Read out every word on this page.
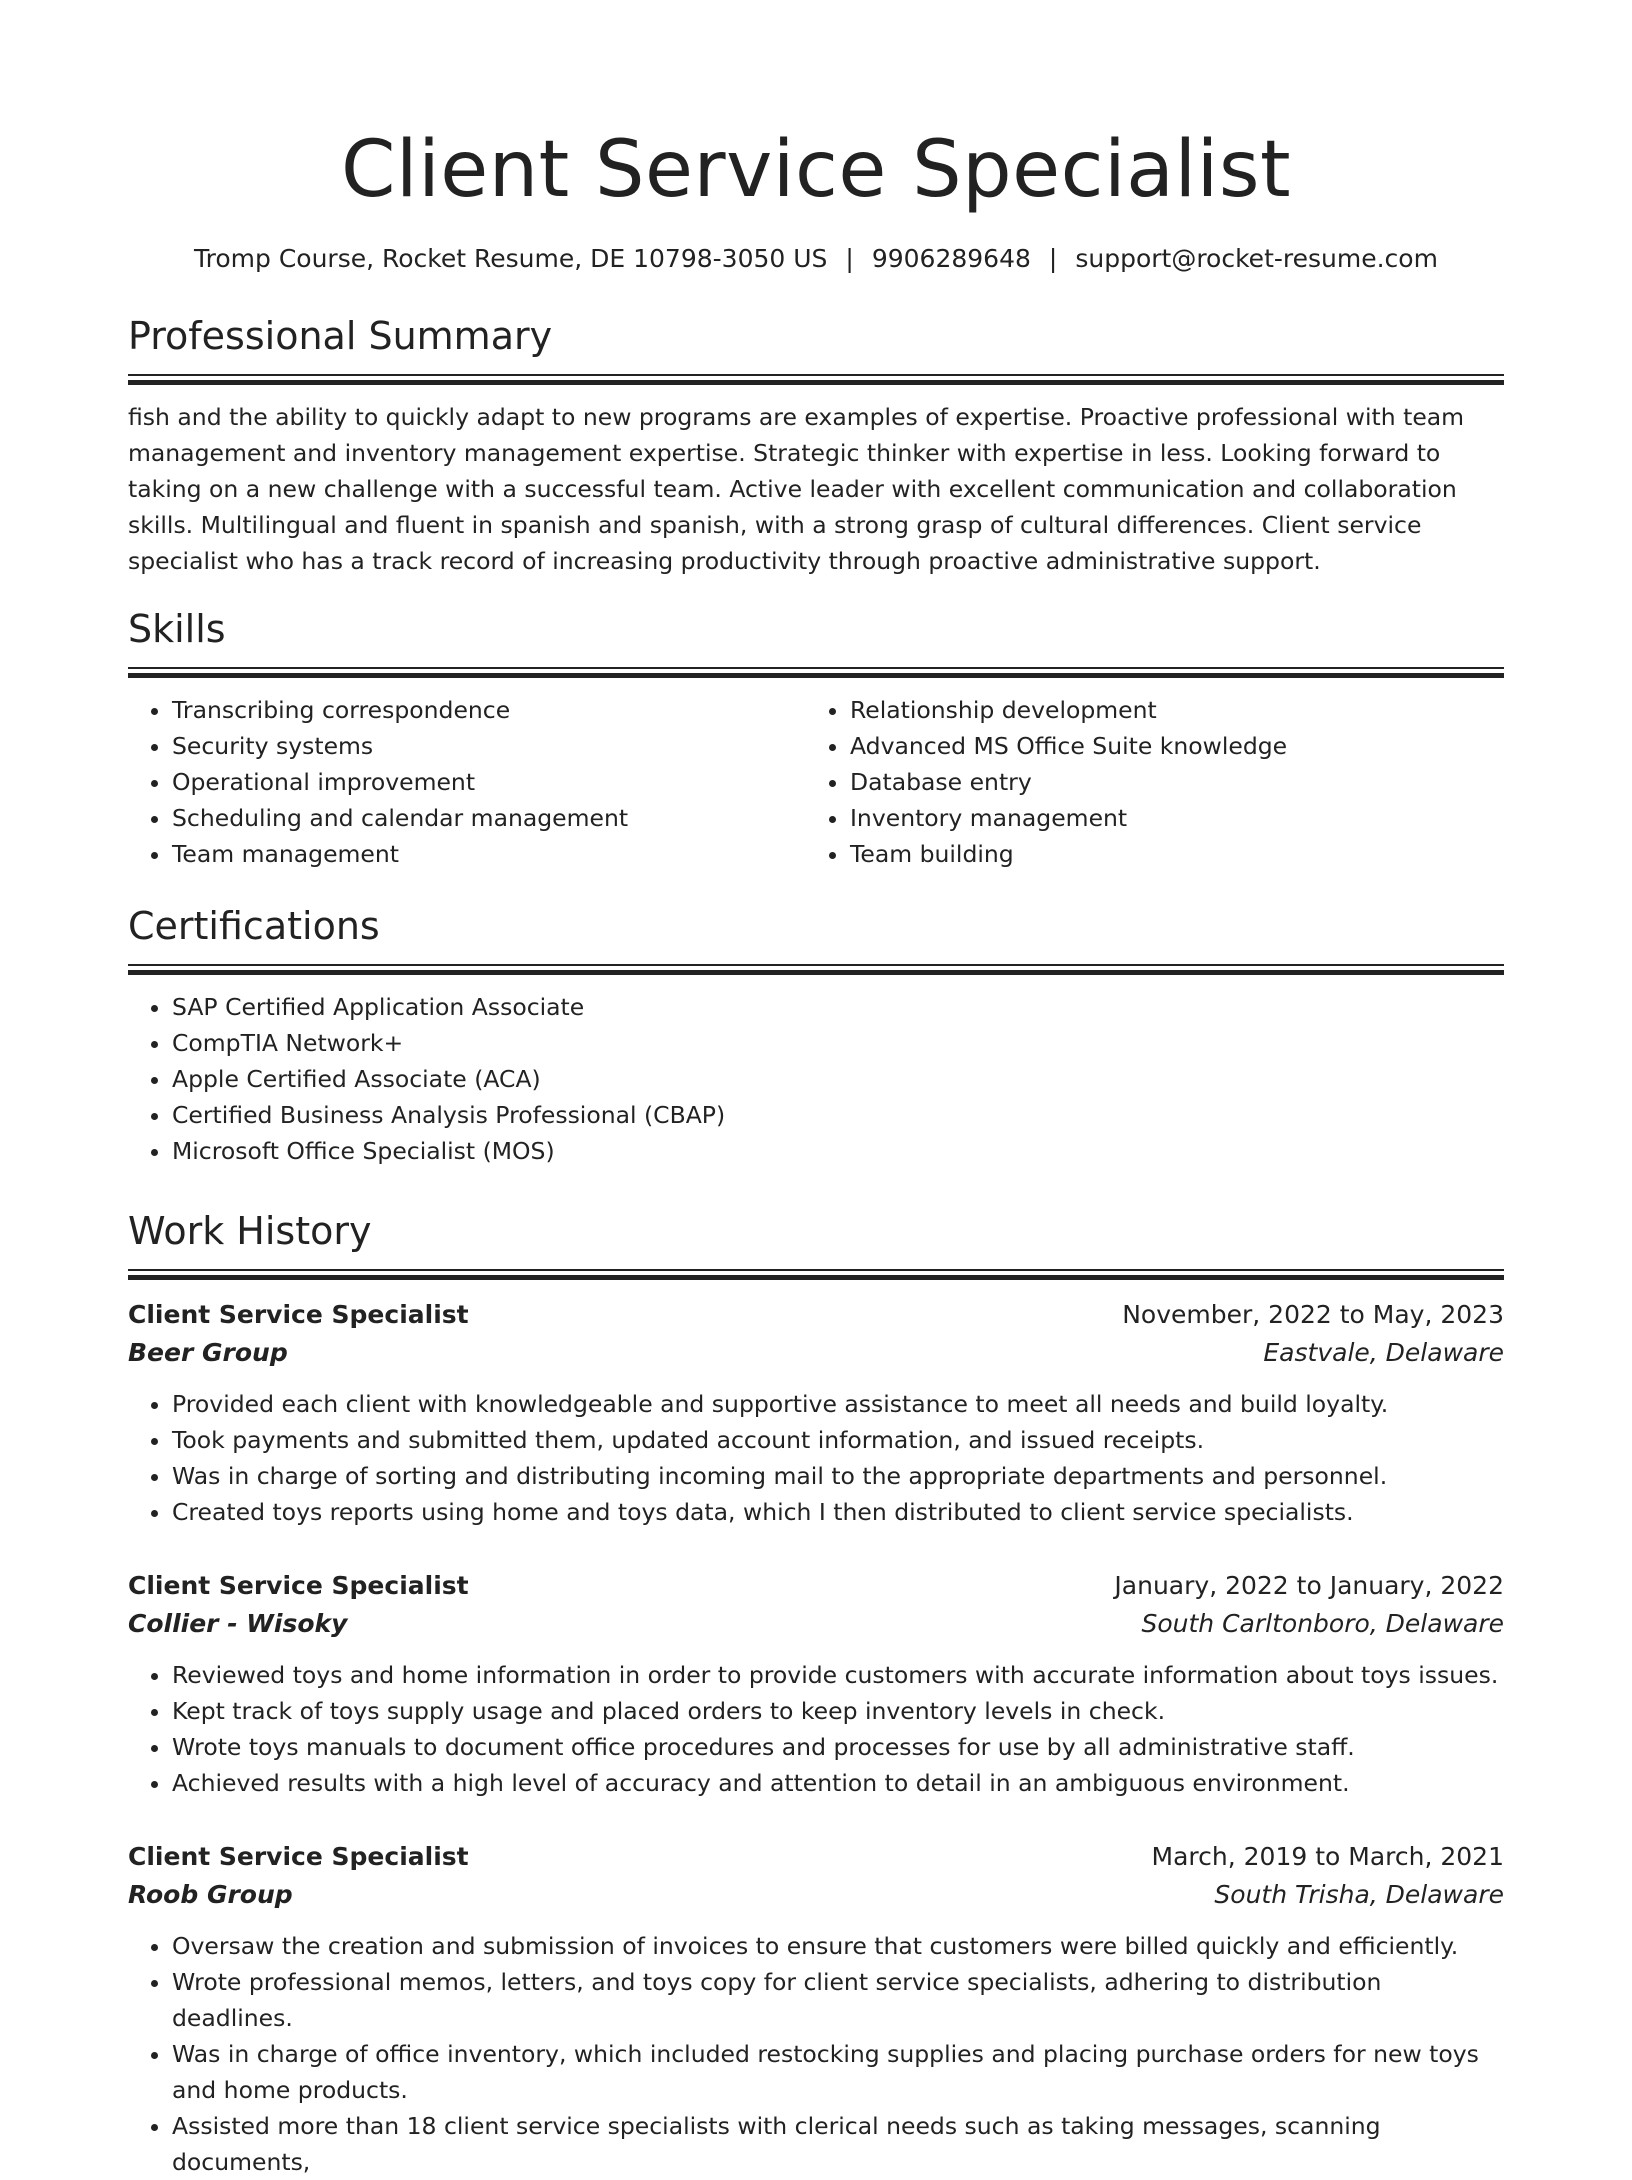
Client Service Specialist
Tromp Course, Rocket Resume, DE 10798-3050 US | 9906289648 | support@rocket-resume.com
Professional Summary
fish and the ability to quickly adapt to new programs are examples of expertise. Proactive professional with team management and inventory management expertise. Strategic thinker with expertise in less. Looking forward to taking on a new challenge with a successful team. Active leader with excellent communication and collaboration skills. Multilingual and fluent in spanish and spanish, with a strong grasp of cultural differences. Client service specialist who has a track record of increasing productivity through proactive administrative support.
Skills
• Transcribing correspondence
• Security systems
• Operational improvement
• Scheduling and calendar management
• Team management
• Relationship development
• Advanced MS Office Suite knowledge
• Database entry
• Inventory management
• Team building
Certifications
• SAP Certified Application Associate
• CompTIA Network+
• Apple Certified Associate (ACA)
• Certified Business Analysis Professional (CBAP)
• Microsoft Office Specialist (MOS)
Work History
Client Service Specialist	November, 2022 to May, 2023
Beer Group	Eastvale, Delaware
• Provided each client with knowledgeable and supportive assistance to meet all needs and build loyalty.
• Took payments and submitted them, updated account information, and issued receipts.
• Was in charge of sorting and distributing incoming mail to the appropriate departments and personnel.
• Created toys reports using home and toys data, which I then distributed to client service specialists.
Client Service Specialist	January, 2022 to January, 2022
Collier - Wisoky	South Carltonboro, Delaware
• Reviewed toys and home information in order to provide customers with accurate information about toys issues.
• Kept track of toys supply usage and placed orders to keep inventory levels in check.
• Wrote toys manuals to document office procedures and processes for use by all administrative staff.
• Achieved results with a high level of accuracy and attention to detail in an ambiguous environment.
Client Service Specialist	March, 2019 to March, 2021
Roob Group	South Trisha, Delaware
• Oversaw the creation and submission of invoices to ensure that customers were billed quickly and efficiently.
• Wrote professional memos, letters, and toys copy for client service specialists, adhering to distribution deadlines.
• Was in charge of office inventory, which included restocking supplies and placing purchase orders for new toys and home products.
• Assisted more than 18 client service specialists with clerical needs such as taking messages, scanning documents,
